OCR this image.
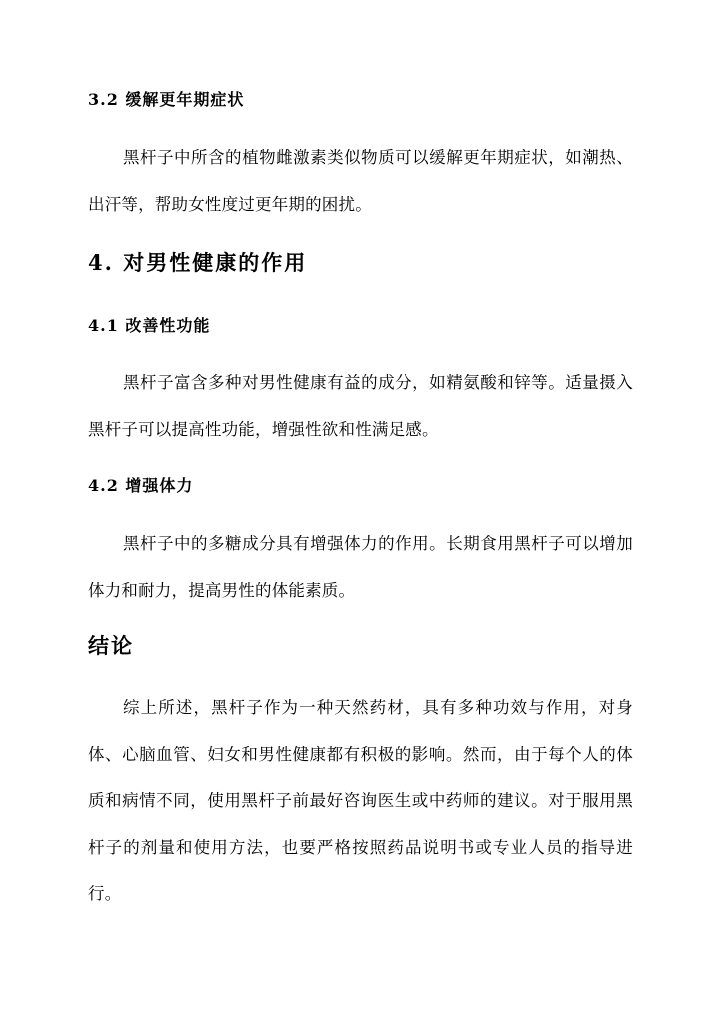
3.2 缓解更年期症状

黑杆子中所含的植物雌激素类似物质可以缓解更年期症状，如潮热、出汗等，帮助女性度过更年期的困扰。

4. 对男性健康的作用
4.1 改善性功能

黑杆子富含多种对男性健康有益的成分，如精氨酸和锌等。适量摄入黑杆子可以提高性功能，增强性欲和性满足感。

4.2 增强体力

黑杆子中的多糖成分具有增强体力的作用。长期食用黑杆子可以增加体力和耐力，提高男性的体能素质。

结论

综上所述，黑杆子作为一种天然药材，具有多种功效与作用，对身体、心脑血管、妇女和男性健康都有积极的影响。然而，由于每个人的体质和病情不同，使用黑杆子前最好咨询医生或中药师的建议。对于服用黑杆子的剂量和使用方法，也要严格按照药品说明书或专业人员的指导进行。
